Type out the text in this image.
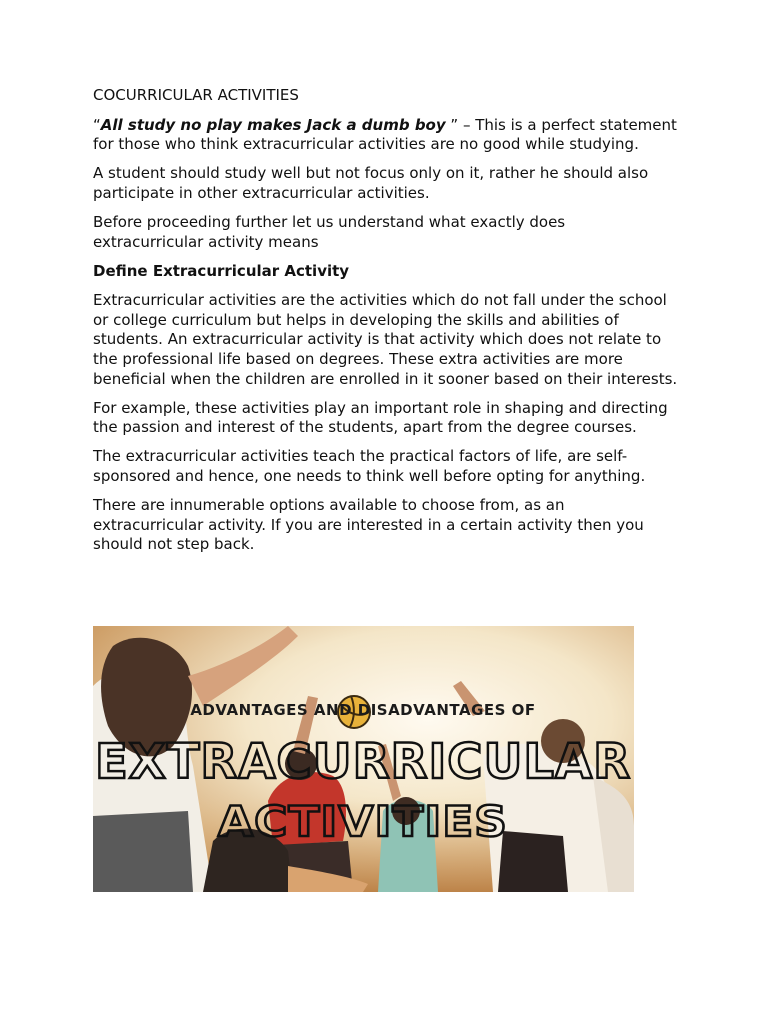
COCURRICULAR ACTIVITIES

“All study no play makes Jack a dumb boy ” – This is a perfect statement for those who think extracurricular activities are no good while studying.

A student should study well but not focus only on it, rather he should also participate in other extracurricular activities.

Before proceeding further let us understand what exactly does extracurricular activity means

Define Extracurricular Activity

Extracurricular activities are the activities which do not fall under the school or college curriculum but helps in developing the skills and abilities of students. An extracurricular activity is that activity which does not relate to the professional life based on degrees. These extra activities are more beneficial when the children are enrolled in it sooner based on their interests.

For example, these activities play an important role in shaping and directing the passion and interest of the students, apart from the degree courses.

The extracurricular activities teach the practical factors of life, are self-sponsored and hence, one needs to think well before opting for anything.

There are innumerable options available to choose from, as an extracurricular activity. If you are interested in a certain activity then you should not step back.

ADVANTAGES AND DISADVANTAGES OF
EXTRACURRICULAR
ACTIVITIES
